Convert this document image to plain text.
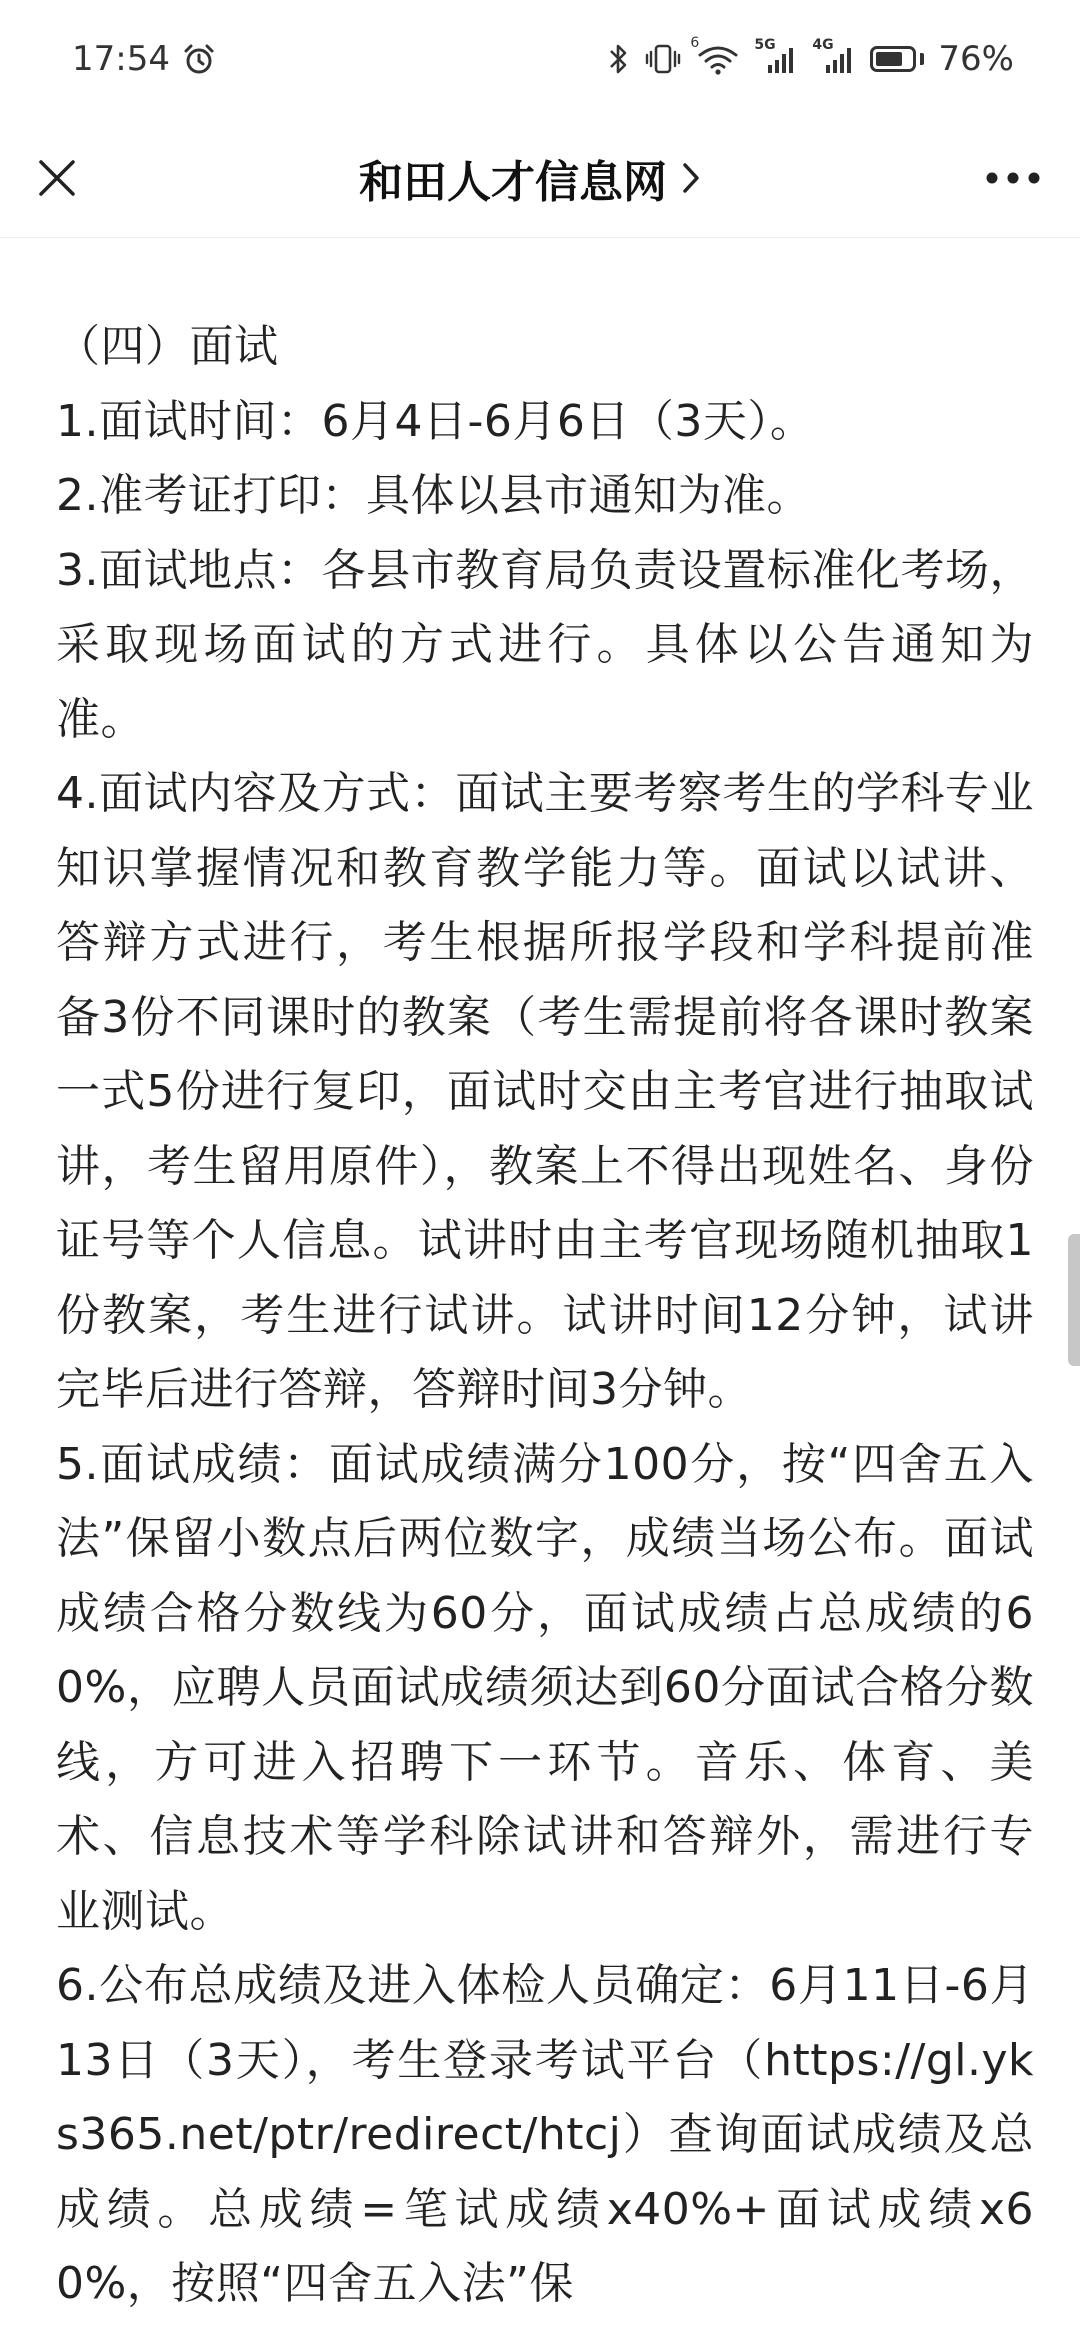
17:54	6	5G	4G	76%
和田人才信息网

（四）面试

1.面试时间：6月4日-6月6日（3天）。

2.准考证打印：具体以县市通知为准。

3.面试地点：各县市教育局负责设置标准化考场，采取现场面试的方式进行。具体以公告通知为准。

4.面试内容及方式：面试主要考察考生的学科专业知识掌握情况和教育教学能力等。面试以试讲、答辩方式进行，考生根据所报学段和学科提前准备3份不同课时的教案（考生需提前将各课时教案一式5份进行复印，面试时交由主考官进行抽取试讲，考生留用原件），教案上不得出现姓名、身份证号等个人信息。试讲时由主考官现场随机抽取1份教案，考生进行试讲。试讲时间12分钟，试讲完毕后进行答辩，答辩时间3分钟。

5.面试成绩：面试成绩满分100分，按“四舍五入法”保留小数点后两位数字，成绩当场公布。面试成绩合格分数线为60分，面试成绩占总成绩的60%，应聘人员面试成绩须达到60分面试合格分数线，方可进入招聘下一环节。音乐、体育、美术、信息技术等学科除试讲和答辩外，需进行专业测试。

6.公布总成绩及进入体检人员确定：6月11日-6月13日（3天），考生登录考试平台（https://gl.yks365.net/ptr/redirect/htcj）查询面试成绩及总成绩。总成绩=笔试成绩x40%+面试成绩x60%，按照“四舍五入法”保
